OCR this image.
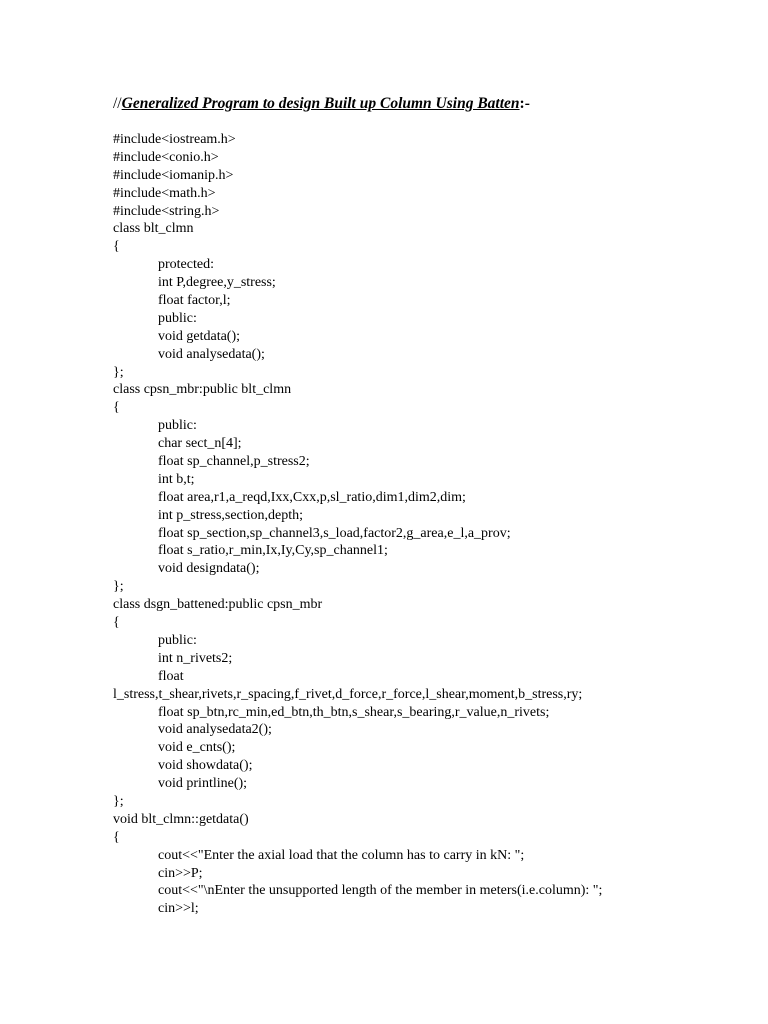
//Generalized Program to design Built up Column Using Batten:-
#include<iostream.h>
#include<conio.h>
#include<iomanip.h>
#include<math.h>
#include<string.h>
class blt_clmn
{
protected:
int P,degree,y_stress;
float factor,l;
public:
void getdata();
void analysedata();
};
class cpsn_mbr:public blt_clmn
{
public:
char sect_n[4];
float sp_channel,p_stress2;
int b,t;
float area,r1,a_reqd,Ixx,Cxx,p,sl_ratio,dim1,dim2,dim;
int p_stress,section,depth;
float sp_section,sp_channel3,s_load,factor2,g_area,e_l,a_prov;
float s_ratio,r_min,Ix,Iy,Cy,sp_channel1;
void designdata();
};
class dsgn_battened:public cpsn_mbr
{
public:
int n_rivets2;
float
l_stress,t_shear,rivets,r_spacing,f_rivet,d_force,r_force,l_shear,moment,b_stress,ry;
float sp_btn,rc_min,ed_btn,th_btn,s_shear,s_bearing,r_value,n_rivets;
void analysedata2();
void e_cnts();
void showdata();
void printline();
};
void blt_clmn::getdata()
{
cout<<"Enter the axial load that the column has to carry in kN: ";
cin>>P;
cout<<"\nEnter the unsupported length of the member in meters(i.e.column): ";
cin>>l;
